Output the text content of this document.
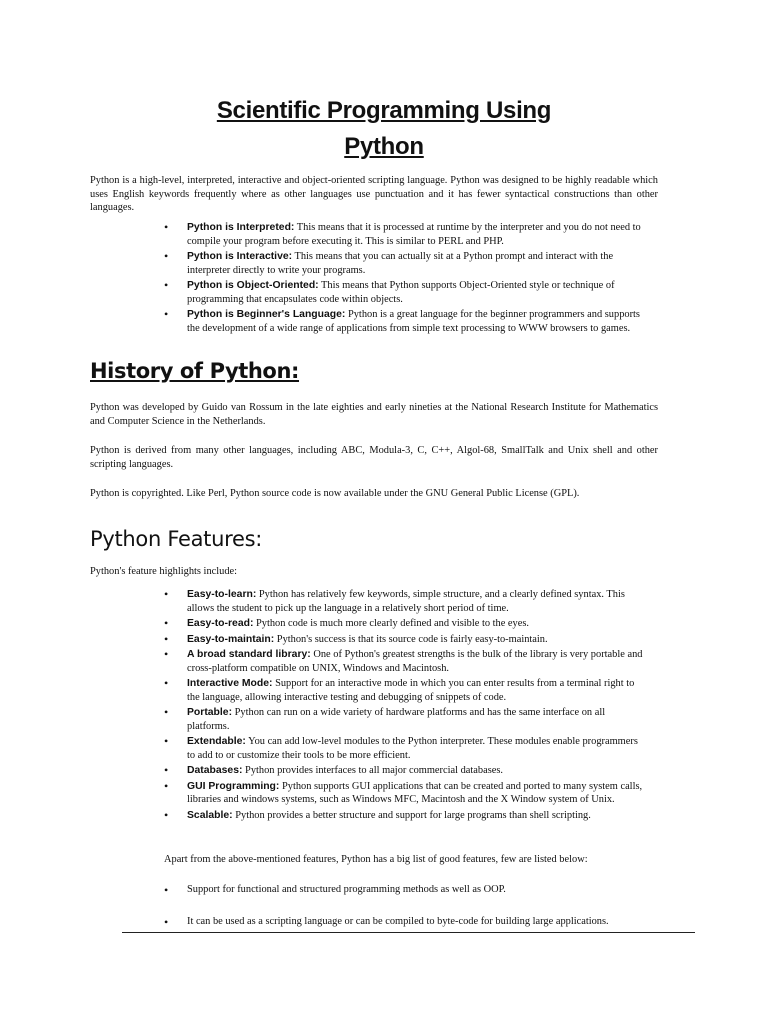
Scientific Programming Using
Python
Python is a high-level, interpreted, interactive and object-oriented scripting language. Python was designed to be highly readable which uses English keywords frequently where as other languages use punctuation and it has fewer syntactical constructions than other languages.
• Python is Interpreted: This means that it is processed at runtime by the interpreter and you do not need to compile your program before executing it. This is similar to PERL and PHP.
• Python is Interactive: This means that you can actually sit at a Python prompt and interact with the interpreter directly to write your programs.
• Python is Object-Oriented: This means that Python supports Object-Oriented style or technique of programming that encapsulates code within objects.
• Python is Beginner's Language: Python is a great language for the beginner programmers and supports the development of a wide range of applications from simple text processing to WWW browsers to games.
History of Python:
Python was developed by Guido van Rossum in the late eighties and early nineties at the National Research Institute for Mathematics and Computer Science in the Netherlands.
Python is derived from many other languages, including ABC, Modula-3, C, C++, Algol-68, SmallTalk and Unix shell and other scripting languages.
Python is copyrighted. Like Perl, Python source code is now available under the GNU General Public License (GPL).
Python Features:
Python's feature highlights include:
• Easy-to-learn: Python has relatively few keywords, simple structure, and a clearly defined syntax. This allows the student to pick up the language in a relatively short period of time.
• Easy-to-read: Python code is much more clearly defined and visible to the eyes.
• Easy-to-maintain: Python's success is that its source code is fairly easy-to-maintain.
• A broad standard library: One of Python's greatest strengths is the bulk of the library is very portable and cross-platform compatible on UNIX, Windows and Macintosh.
• Interactive Mode: Support for an interactive mode in which you can enter results from a terminal right to the language, allowing interactive testing and debugging of snippets of code.
• Portable: Python can run on a wide variety of hardware platforms and has the same interface on all platforms.
• Extendable: You can add low-level modules to the Python interpreter. These modules enable programmers to add to or customize their tools to be more efficient.
• Databases: Python provides interfaces to all major commercial databases.
• GUI Programming: Python supports GUI applications that can be created and ported to many system calls, libraries and windows systems, such as Windows MFC, Macintosh and the X Window system of Unix.
• Scalable: Python provides a better structure and support for large programs than shell scripting.
Apart from the above-mentioned features, Python has a big list of good features, few are listed below:
• Support for functional and structured programming methods as well as OOP.
• It can be used as a scripting language or can be compiled to byte-code for building large applications.
